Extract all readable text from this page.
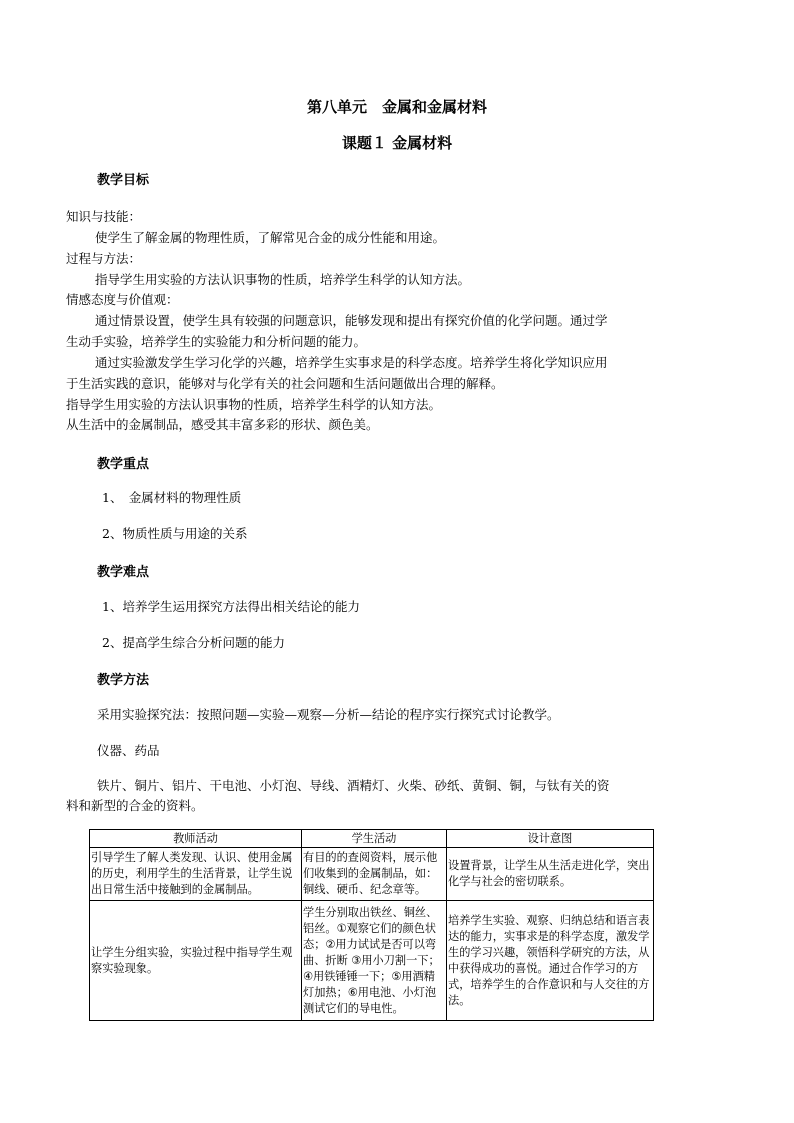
第八单元　金属和金属材料
课题１ 金属材料
教学目标
知识与技能：
使学生了解金属的物理性质，了解常见合金的成分性能和用途。
过程与方法：
指导学生用实验的方法认识事物的性质，培养学生科学的认知方法。
情感态度与价值观：
通过情景设置，使学生具有较强的问题意识，能够发现和提出有探究价值的化学问题。通过学
生动手实验，培养学生的实验能力和分析问题的能力。
通过实验激发学生学习化学的兴趣，培养学生实事求是的科学态度。培养学生将化学知识应用
于生活实践的意识，能够对与化学有关的社会问题和生活问题做出合理的解释。
指导学生用实验的方法认识事物的性质，培养学生科学的认知方法。
从生活中的金属制品，感受其丰富多彩的形状、颜色美。
教学重点
1、　金属材料的物理性质
2、物质性质与用途的关系
教学难点
1、培养学生运用探究方法得出相关结论的能力
2、提高学生综合分析问题的能力
教学方法
采用实验探究法：按照问题—实验—观察—分析—结论的程序实行探究式讨论教学。
仪器、药品
铁片、铜片、铝片、干电池、小灯泡、导线、酒精灯、火柴、砂纸、黄铜、铜，与钛有关的资
料和新型的合金的资料。
教师活动	学生活动	设计意图
引导学生了解人类发现、认识、使用金属的历史，利用学生的生活背景，让学生说出日常生活中接触到的金属制品。	有目的的查阅资料，展示他们收集到的金属制品，如：铜线、硬币、纪念章等。	设置背景，让学生从生活走进化学，突出化学与社会的密切联系。
让学生分组实验，实验过程中指导学生观察实验现象。	学生分别取出铁丝、铜丝、铝丝。①观察它们的颜色状态；②用力试试是否可以弯曲、折断 ③用小刀割一下；④用铁锤锤一下；⑤用酒精灯加热；⑥用电池、小灯泡测试它们的导电性。	培养学生实验、观察、归纳总结和语言表达的能力，实事求是的科学态度，激发学生的学习兴趣，领悟科学研究的方法，从中获得成功的喜悦。通过合作学习的方式，培养学生的合作意识和与人交往的方法。
